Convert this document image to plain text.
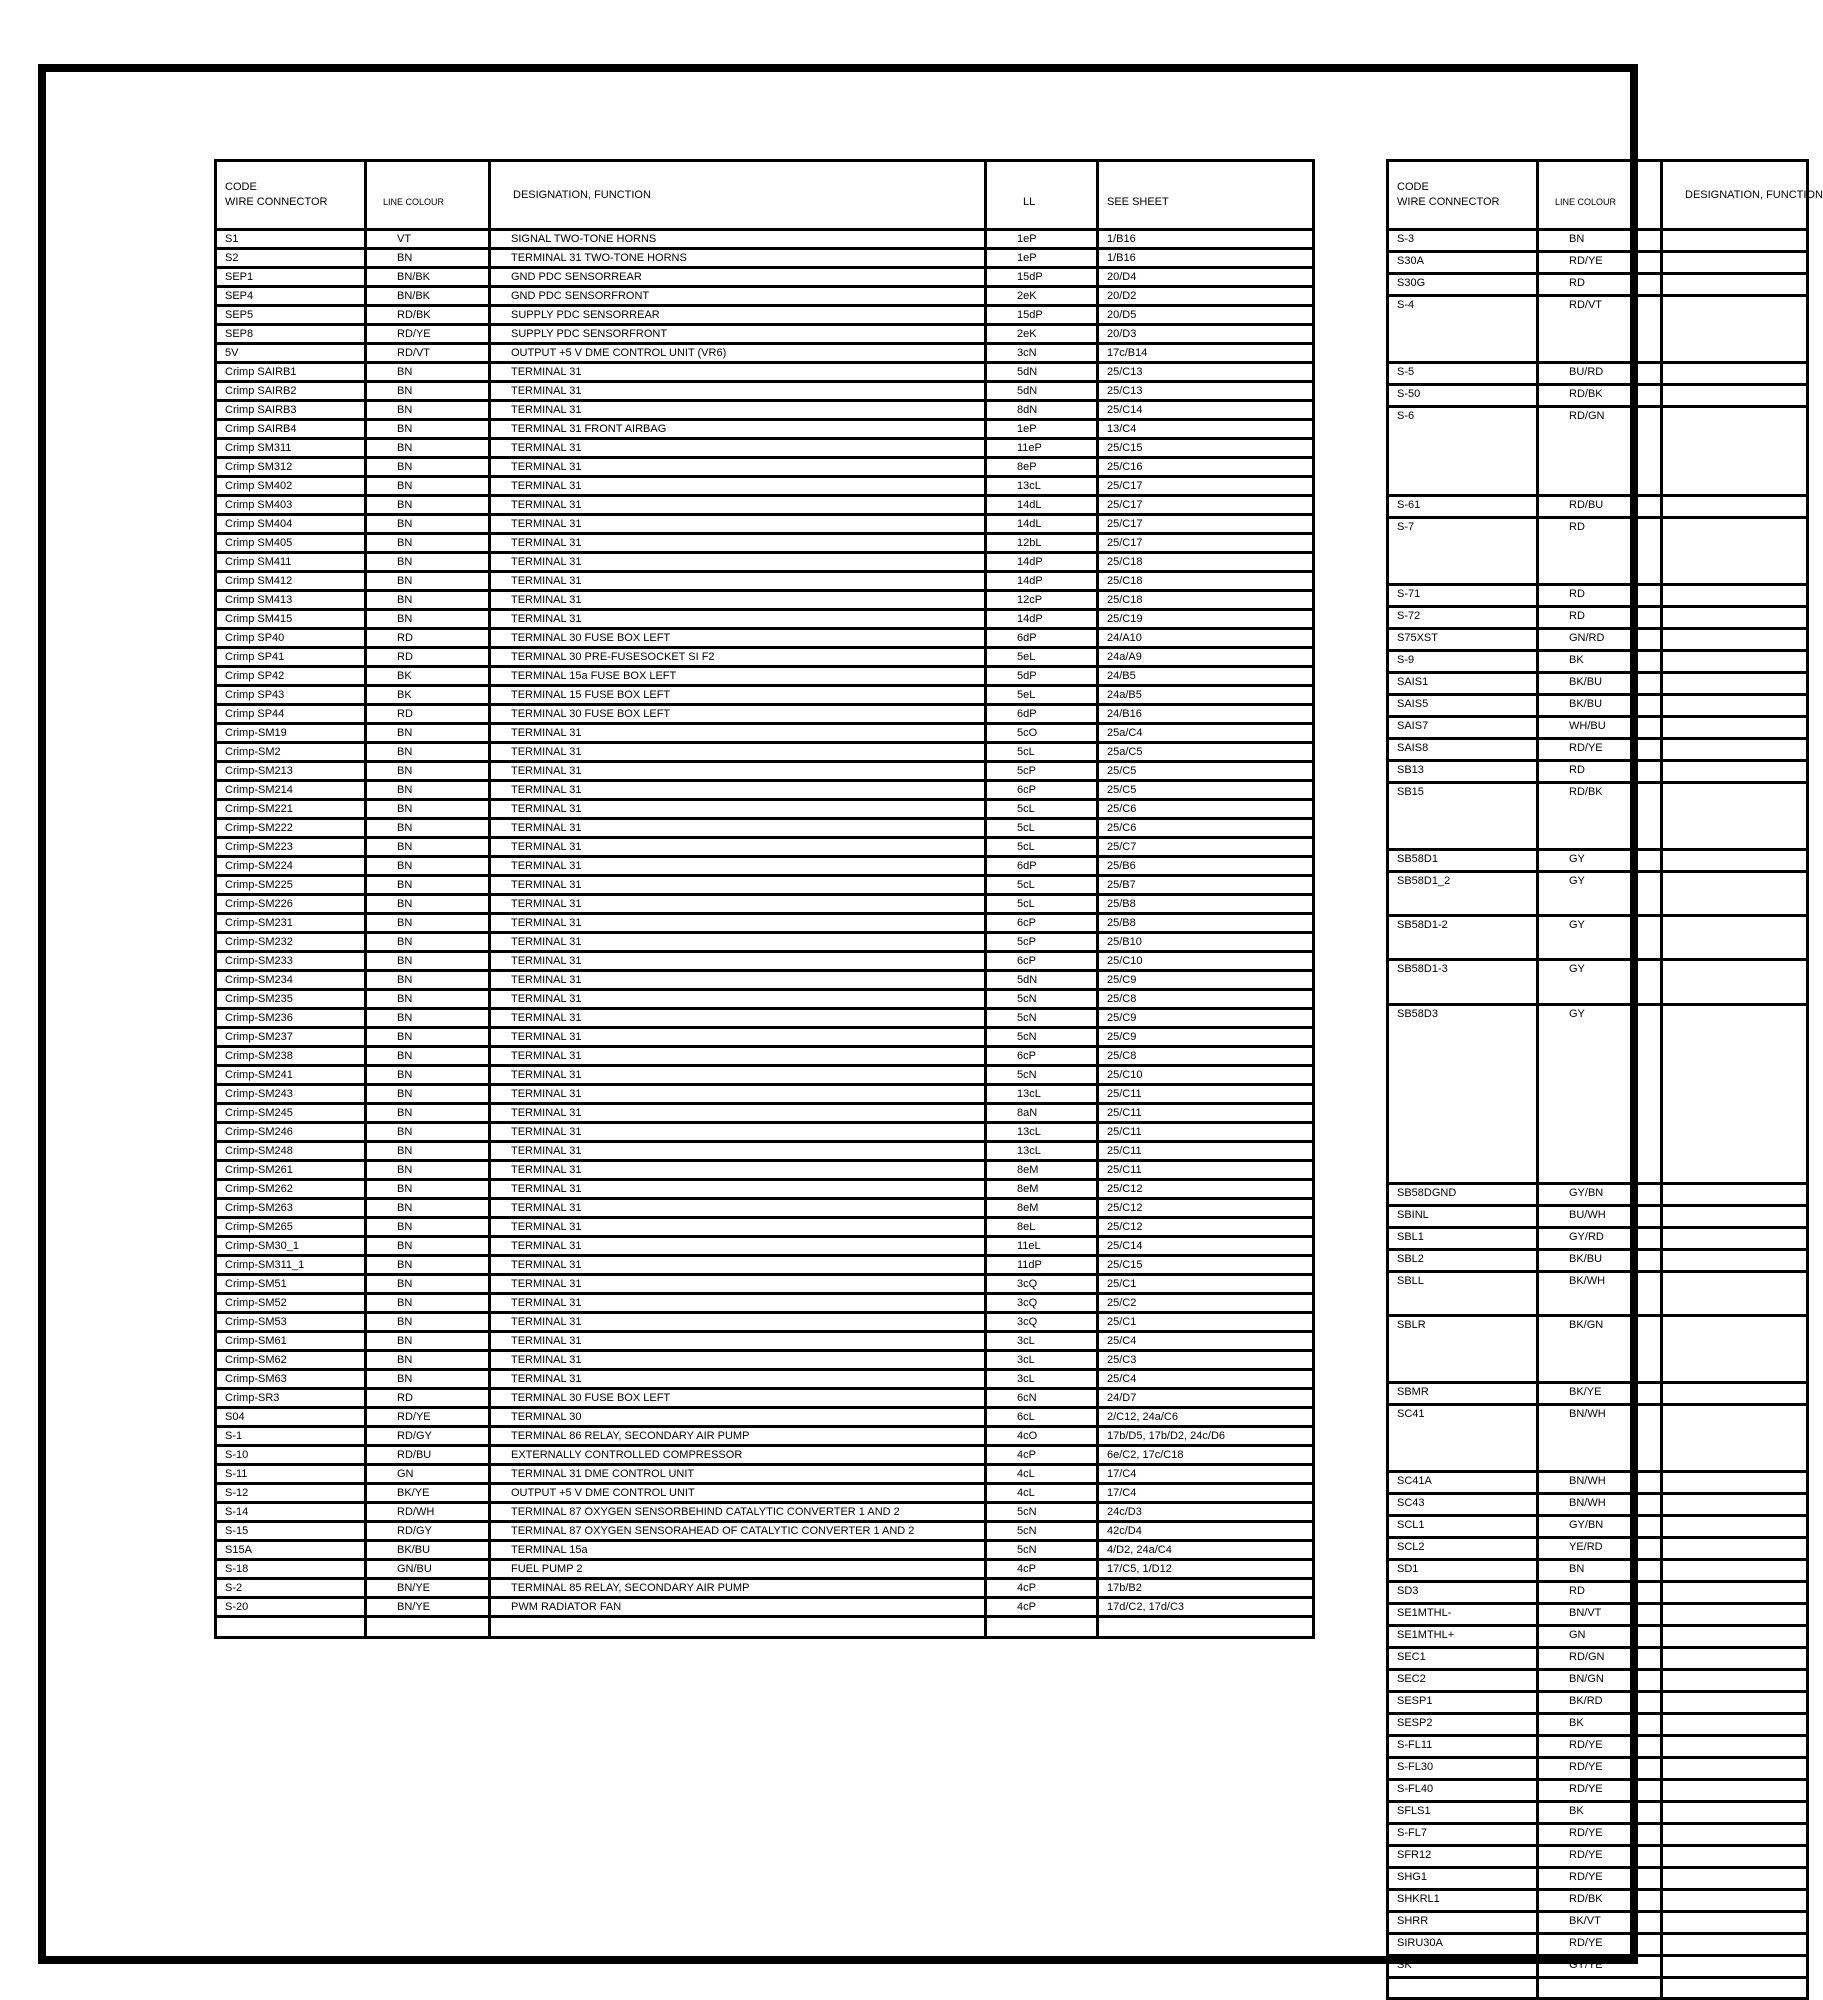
CODE
WIRE CONNECTOR	LINE COLOUR	DESIGNATION, FUNCTION	LL	SEE SHEET
S1	VT	SIGNAL TWO-TONE HORNS	1eP	1/B16
S2	BN	TERMINAL 31 TWO-TONE HORNS	1eP	1/B16
SEP1	BN/BK	GND PDC SENSORREAR	15dP	20/D4
SEP4	BN/BK	GND PDC SENSORFRONT	2eK	20/D2
SEP5	RD/BK	SUPPLY PDC SENSORREAR	15dP	20/D5
SEP8	RD/YE	SUPPLY PDC SENSORFRONT	2eK	20/D3
5V	RD/VT	OUTPUT +5 V DME CONTROL UNIT (VR6)	3cN	17c/B14
Crimp SAIRB1	BN	TERMINAL 31	5dN	25/C13
Crimp SAIRB2	BN	TERMINAL 31	5dN	25/C13
Crimp SAIRB3	BN	TERMINAL 31	8dN	25/C14
Crimp SAIRB4	BN	TERMINAL 31 FRONT AIRBAG	1eP	13/C4
Crimp SM311	BN	TERMINAL 31	11eP	25/C15
Crimp SM312	BN	TERMINAL 31	8eP	25/C16
Crimp SM402	BN	TERMINAL 31	13cL	25/C17
Crimp SM403	BN	TERMINAL 31	14dL	25/C17
Crimp SM404	BN	TERMINAL 31	14dL	25/C17
Crimp SM405	BN	TERMINAL 31	12bL	25/C17
Crimp SM411	BN	TERMINAL 31	14dP	25/C18
Crimp SM412	BN	TERMINAL 31	14dP	25/C18
Crimp SM413	BN	TERMINAL 31	12cP	25/C18
Crimp SM415	BN	TERMINAL 31	14dP	25/C19
Crimp SP40	RD	TERMINAL 30 FUSE BOX LEFT	6dP	24/A10
Crimp SP41	RD	TERMINAL 30 PRE-FUSESOCKET SI F2	5eL	24a/A9
Crimp SP42	BK	TERMINAL 15a FUSE BOX LEFT	5dP	24/B5
Crimp SP43	BK	TERMINAL 15 FUSE BOX LEFT	5eL	24a/B5
Crimp SP44	RD	TERMINAL 30 FUSE BOX LEFT	6dP	24/B16
Crimp-SM19	BN	TERMINAL 31	5cO	25a/C4
Crimp-SM2	BN	TERMINAL 31	5cL	25a/C5
Crimp-SM213	BN	TERMINAL 31	5cP	25/C5
Crimp-SM214	BN	TERMINAL 31	6cP	25/C5
Crimp-SM221	BN	TERMINAL 31	5cL	25/C6
Crimp-SM222	BN	TERMINAL 31	5cL	25/C6
Crimp-SM223	BN	TERMINAL 31	5cL	25/C7
Crimp-SM224	BN	TERMINAL 31	6dP	25/B6
Crimp-SM225	BN	TERMINAL 31	5cL	25/B7
Crimp-SM226	BN	TERMINAL 31	5cL	25/B8
Crimp-SM231	BN	TERMINAL 31	6cP	25/B8
Crimp-SM232	BN	TERMINAL 31	5cP	25/B10
Crimp-SM233	BN	TERMINAL 31	6cP	25/C10
Crimp-SM234	BN	TERMINAL 31	5dN	25/C9
Crimp-SM235	BN	TERMINAL 31	5cN	25/C8
Crimp-SM236	BN	TERMINAL 31	5cN	25/C9
Crimp-SM237	BN	TERMINAL 31	5cN	25/C9
Crimp-SM238	BN	TERMINAL 31	6cP	25/C8
Crimp-SM241	BN	TERMINAL 31	5cN	25/C10
Crimp-SM243	BN	TERMINAL 31	13cL	25/C11
Crimp-SM245	BN	TERMINAL 31	8aN	25/C11
Crimp-SM246	BN	TERMINAL 31	13cL	25/C11
Crimp-SM248	BN	TERMINAL 31	13cL	25/C11
Crimp-SM261	BN	TERMINAL 31	8eM	25/C11
Crimp-SM262	BN	TERMINAL 31	8eM	25/C12
Crimp-SM263	BN	TERMINAL 31	8eM	25/C12
Crimp-SM265	BN	TERMINAL 31	8eL	25/C12
Crimp-SM30_1	BN	TERMINAL 31	11eL	25/C14
Crimp-SM311_1	BN	TERMINAL 31	11dP	25/C15
Crimp-SM51	BN	TERMINAL 31	3cQ	25/C1
Crimp-SM52	BN	TERMINAL 31	3cQ	25/C2
Crimp-SM53	BN	TERMINAL 31	3cQ	25/C1
Crimp-SM61	BN	TERMINAL 31	3cL	25/C4
Crimp-SM62	BN	TERMINAL 31	3cL	25/C3
Crimp-SM63	BN	TERMINAL 31	3cL	25/C4
Crimp-SR3	RD	TERMINAL 30 FUSE BOX LEFT	6cN	24/D7
S04	RD/YE	TERMINAL 30	6cL	2/C12, 24a/C6
S-1	RD/GY	TERMINAL 86 RELAY, SECONDARY AIR PUMP	4cO	17b/D5, 17b/D2, 24c/D6
S-10	RD/BU	EXTERNALLY CONTROLLED COMPRESSOR	4cP	6e/C2, 17c/C18
S-11	GN	TERMINAL 31 DME CONTROL UNIT	4cL	17/C4
S-12	BK/YE	OUTPUT +5 V DME CONTROL UNIT	4cL	17/C4
S-14	RD/WH	TERMINAL 87 OXYGEN SENSORBEHIND CATALYTIC CONVERTER 1 AND 2	5cN	24c/D3
S-15	RD/GY	TERMINAL 87 OXYGEN SENSORAHEAD OF CATALYTIC CONVERTER 1 AND 2	5cN	42c/D4
S15A	BK/BU	TERMINAL 15a	5cN	4/D2, 24a/C4
S-18	GN/BU	FUEL PUMP 2	4cP	17/C5, 1/D12
S-2	BN/YE	TERMINAL 85 RELAY, SECONDARY AIR PUMP	4cP	17b/B2
S-20	BN/YE	PWM RADIATOR FAN	4cP	17d/C2, 17d/C3

CODE
WIRE CONNECTOR	LINE COLOUR	DESIGNATION, FUNCTION
S-3	BN	
S30A	RD/YE	
S30G	RD	
S-4	RD/VT	
S-5	BU/RD	
S-50	RD/BK	
S-6	RD/GN	
S-61	RD/BU	
S-7	RD	
S-71	RD	
S-72	RD	
S75XST	GN/RD	
S-9	BK	
SAIS1	BK/BU	
SAIS5	BK/BU	
SAIS7	WH/BU	
SAIS8	RD/YE	
SB13	RD	
SB15	RD/BK	
SB58D1	GY	
SB58D1_2	GY	
SB58D1-2	GY	
SB58D1-3	GY	
SB58D3	GY	
SB58DGND	GY/BN	
SBINL	BU/WH	
SBL1	GY/RD	
SBL2	BK/BU	
SBLL	BK/WH	
SBLR	BK/GN	
SBMR	BK/YE	
SC41	BN/WH	
SC41A	BN/WH	
SC43	BN/WH	
SCL1	GY/BN	
SCL2	YE/RD	
SD1	BN	
SD3	RD	
SE1MTHL-	BN/VT	
SE1MTHL+	GN	
SEC1	RD/GN	
SEC2	BN/GN	
SESP1	BK/RD	
SESP2	BK	
S-FL11	RD/YE	
S-FL30	RD/YE	
S-FL40	RD/YE	
SFLS1	BK	
S-FL7	RD/YE	
SFR12	RD/YE	
SHG1	RD/YE	
SHKRL1	RD/BK	
SHRR	BK/VT	
SIRU30A	RD/YE	
SK	GY/YE	
